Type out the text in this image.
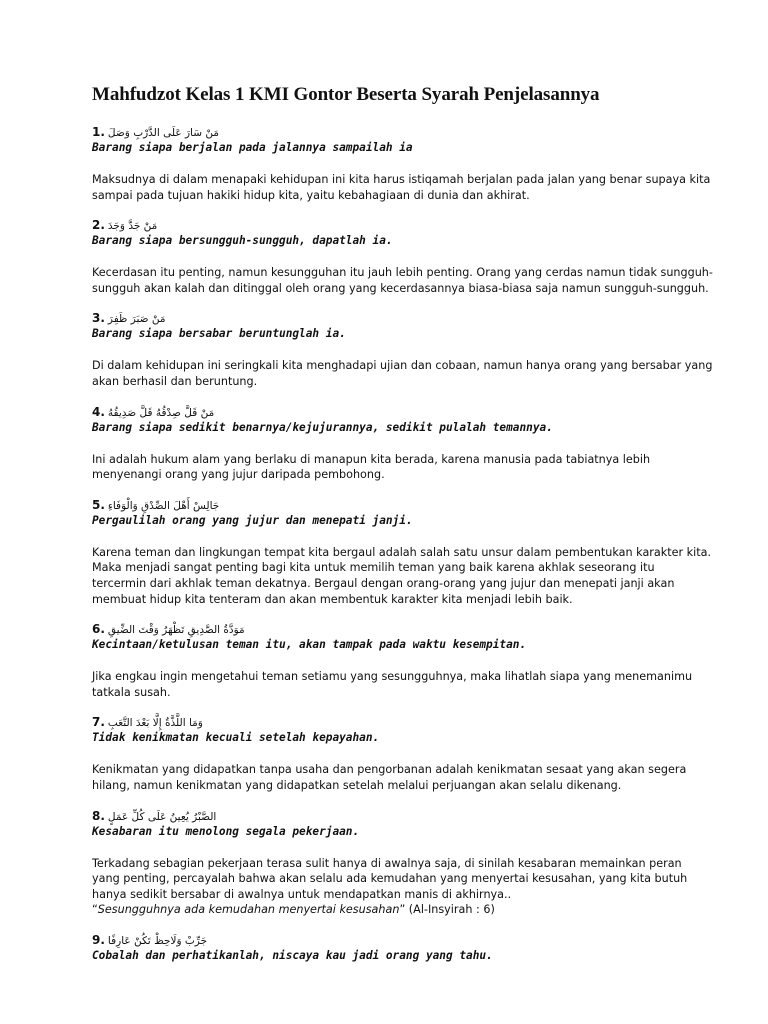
Mahfudzot Kelas 1 KMI Gontor Beserta Syarah Penjelasannya
1. مَنْ سَارَ عَلَى الدَّرْبِ وَصَلَ
Barang siapa berjalan pada jalannya sampailah ia
Maksudnya di dalam menapaki kehidupan ini kita harus istiqamah berjalan pada jalan yang benar supaya kita
sampai pada tujuan hakiki hidup kita, yaitu kebahagiaan di dunia dan akhirat.
2. مَنْ جَدَّ وَجَدَ
Barang siapa bersungguh-sungguh, dapatlah ia.
Kecerdasan itu penting, namun kesungguhan itu jauh lebih penting. Orang yang cerdas namun tidak sungguh-
sungguh akan kalah dan ditinggal oleh orang yang kecerdasannya biasa-biasa saja namun sungguh-sungguh.
3. مَنْ صَبَرَ ظَفِرَ
Barang siapa bersabar beruntunglah ia.
Di dalam kehidupan ini seringkali kita menghadapi ujian dan cobaan, namun hanya orang yang bersabar yang
akan berhasil dan beruntung.
4. مَنْ قَلَّ صِدْقُهُ قَلَّ صَدِيقُهُ
Barang siapa sedikit benarnya/kejujurannya, sedikit pulalah temannya.
Ini adalah hukum alam yang berlaku di manapun kita berada, karena manusia pada tabiatnya lebih
menyenangi orang yang jujur daripada pembohong.
5. جَالِسْ أَهْلَ الصِّدْقِ وَالْوَفَاءِ
Pergaulilah orang yang jujur dan menepati janji.
Karena teman dan lingkungan tempat kita bergaul adalah salah satu unsur dalam pembentukan karakter kita.
Maka menjadi sangat penting bagi kita untuk memilih teman yang baik karena akhlak seseorang itu
tercermin dari akhlak teman dekatnya. Bergaul dengan orang-orang yang jujur dan menepati janji akan
membuat hidup kita tenteram dan akan membentuk karakter kita menjadi lebih baik.
6. مَوَدَّةُ الصَّدِيقِ تَظْهَرُ وَقْتَ الضِّيقِ
Kecintaan/ketulusan teman itu, akan tampak pada waktu kesempitan.
Jika engkau ingin mengetahui teman setiamu yang sesungguhnya, maka lihatlah siapa yang menemanimu
tatkala susah.
7. وَمَا اللَّذَّةُ إِلَّا بَعْدَ التَّعَبِ
Tidak kenikmatan kecuali setelah kepayahan.
Kenikmatan yang didapatkan tanpa usaha dan pengorbanan adalah kenikmatan sesaat yang akan segera
hilang, namun kenikmatan yang didapatkan setelah melalui perjuangan akan selalu dikenang.
8. الصَّبْرُ يُعِينُ عَلَى كُلِّ عَمَلٍ
Kesabaran itu menolong segala pekerjaan.
Terkadang sebagian pekerjaan terasa sulit hanya di awalnya saja, di sinilah kesabaran memainkan peran
yang penting, percayalah bahwa akan selalu ada kemudahan yang menyertai kesusahan, yang kita butuh
hanya sedikit bersabar di awalnya untuk mendapatkan manis di akhirnya..
“Sesungguhnya ada kemudahan menyertai kesusahan” (Al-Insyirah : 6)
9. جَرِّبْ وَلَاحِظْ تَكُنْ عَارِفًا
Cobalah dan perhatikanlah, niscaya kau jadi orang yang tahu.
